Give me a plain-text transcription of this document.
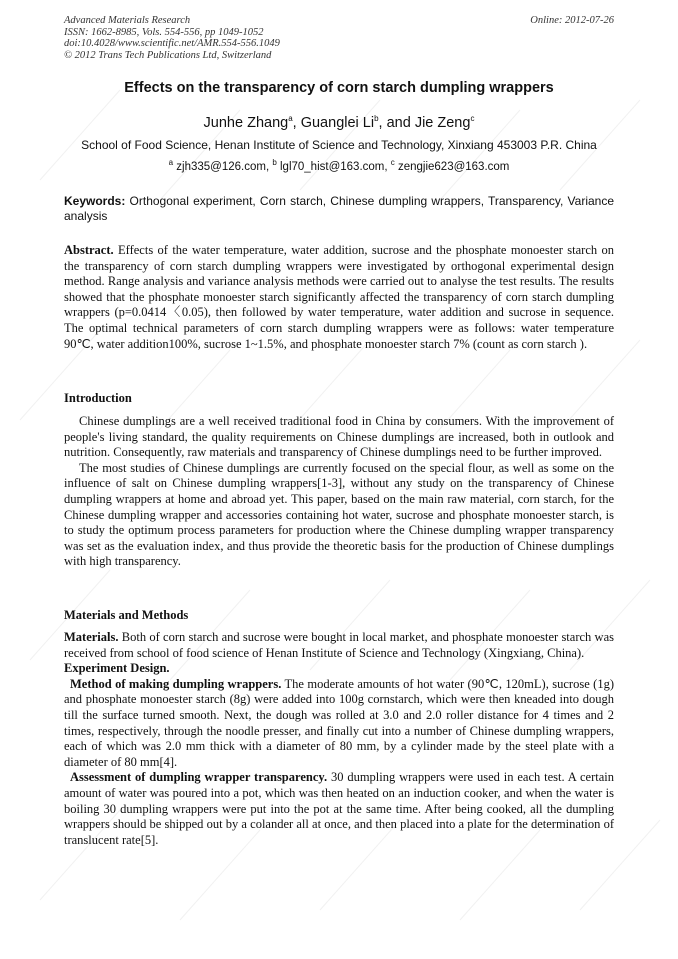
Advanced Materials Research
ISSN: 1662-8985, Vols. 554-556, pp 1049-1052
doi:10.4028/www.scientific.net/AMR.554-556.1049
© 2012 Trans Tech Publications Ltd, Switzerland
Online: 2012-07-26
Effects on the transparency of corn starch dumpling wrappers
Junhe Zhang$^a$, Guanglei Li$^b$, and Jie Zeng$^c$
School of Food Science, Henan Institute of Science and Technology, Xinxiang 453003 P.R. China
$^a$ zjh335@126.com, $^b$ lgl70_hist@163.com, $^c$ zengjie623@163.com
Keywords: Orthogonal experiment, Corn starch, Chinese dumpling wrappers, Transparency, Variance analysis

Abstract. Effects of the water temperature, water addition, sucrose and the phosphate monoester starch on the transparency of corn starch dumpling wrappers were investigated by orthogonal experimental design method. Range analysis and variance analysis methods were carried out to analyse the test results. The results showed that the phosphate monoester starch significantly affected the transparency of corn starch dumpling wrappers (p=0.0414〈0.05), then followed by water temperature, water addition and sucrose in sequence. The optimal technical parameters of corn starch dumpling wrappers were as follows: water temperature 90℃, water addition100%, sucrose 1~1.5%, and phosphate monoester starch 7% (count as corn starch ).

Introduction

Chinese dumplings are a well received traditional food in China by consumers. With the improvement of people's living standard, the quality requirements on Chinese dumplings are increased, both in outlook and nutrition. Consequently, raw materials and transparency of Chinese dumplings need to be further improved.

The most studies of Chinese dumplings are currently focused on the special flour, as well as some on the influence of salt on Chinese dumpling wrappers[1-3], without any study on the transparency of Chinese dumpling wrappers at home and abroad yet. This paper, based on the main raw material, corn starch, for the Chinese dumpling wrapper and accessories containing hot water, sucrose and phosphate monoester starch, is to study the optimum process parameters for production where the Chinese dumpling wrapper transparency was set as the evaluation index, and thus provide the theoretic basis for the production of Chinese dumplings with high transparency.

Materials and Methods

Materials. Both of corn starch and sucrose were bought in local market, and phosphate monoester starch was received from school of food science of Henan Institute of Science and Technology (Xingxiang, China).

Experiment Design.

Method of making dumpling wrappers. The moderate amounts of hot water (90℃, 120mL), sucrose (1g) and phosphate monoester starch (8g) were added into 100g cornstarch, which were then kneaded into dough till the surface turned smooth. Next, the dough was rolled at 3.0 and 2.0 roller distance for 4 times and 2 times, respectively, through the noodle presser, and finally cut into a number of Chinese dumpling wrappers, each of which was 2.0 mm thick with a diameter of 80 mm, by a cylinder made by the steel plate with a diameter of 80 mm[4].

Assessment of dumpling wrapper transparency. 30 dumpling wrappers were used in each test. A certain amount of water was poured into a pot, which was then heated on an induction cooker, and when the water is boiling 30 dumpling wrappers were put into the pot at the same time. After being cooked, all the dumpling wrappers should be shipped out by a colander all at once, and then placed into a plate for the determination of translucent rate[5].
